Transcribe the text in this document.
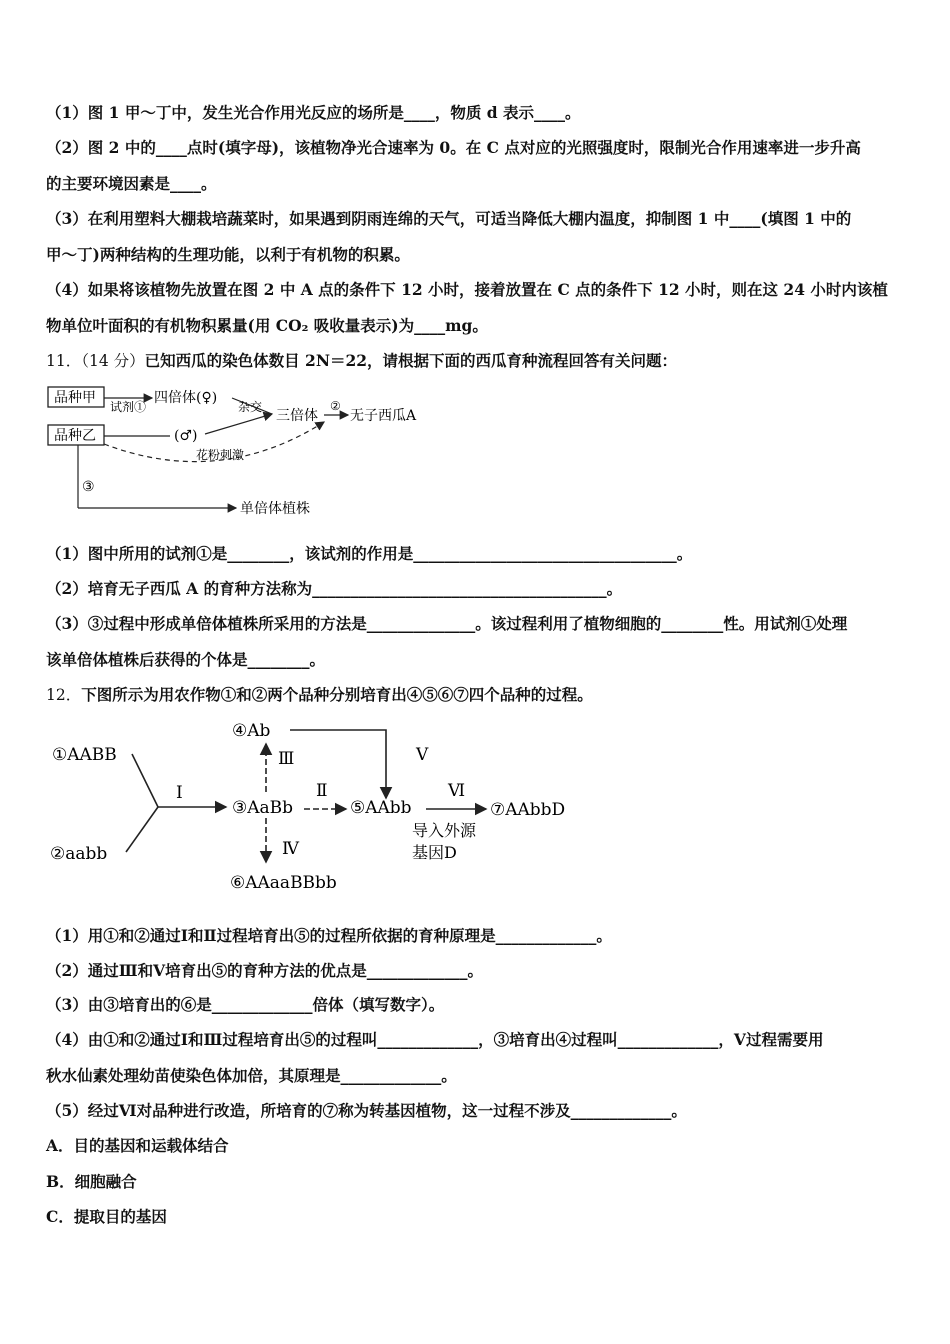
（1）图 1 甲～丁中，发生光合作用光反应的场所是____，物质 d 表示____。
（2）图 2 中的____点时(填字母)，该植物净光合速率为 0。在 C 点对应的光照强度时，限制光合作用速率进一步升高
的主要环境因素是____。
（3）在利用塑料大棚栽培蔬菜时，如果遇到阴雨连绵的天气，可适当降低大棚内温度，抑制图 1 中____(填图 1 中的
甲～丁)两种结构的生理功能，以利于有机物的积累。
（4）如果将该植物先放置在图 2 中 A 点的条件下 12 小时，接着放置在 C 点的条件下 12 小时，则在这 24 小时内该植
物单位叶面积的有机物积累量(用 CO₂ 吸收量表示)为____mg。
11．（14 分）已知西瓜的染色体数目 2N＝22，请根据下面的西瓜育种流程回答有关问题：
品种甲
品种乙
试剂①
四倍体(♀)
(♂)
杂交
三倍体
②
无子西瓜A
花粉刺激
③
单倍体植株
（1）图中所用的试剂①是________，该试剂的作用是__________________________________。
（2）培育无子西瓜 A 的育种方法称为______________________________________。
（3）③过程中形成单倍体植株所采用的方法是______________。该过程利用了植物细胞的________性。用试剂①处理
该单倍体植株后获得的个体是________。
12．下图所示为用农作物①和②两个品种分别培育出④⑤⑥⑦四个品种的过程。
①AABB
②aabb
Ⅰ
③AaBb
Ⅱ
⑤AAbb
Ⅲ
④Ab
Ⅴ
Ⅳ
⑥AAaaBBbb
Ⅵ
⑦AAbbD
导入外源
基因D
（1）用①和②通过Ⅰ和Ⅱ过程培育出⑤的过程所依据的育种原理是_____________。
（2）通过Ⅲ和Ⅴ培育出⑤的育种方法的优点是_____________。
（3）由③培育出的⑥是_____________倍体（填写数字）。
（4）由①和②通过Ⅰ和Ⅲ过程培育出⑤的过程叫_____________，③培育出④过程叫_____________，Ⅴ过程需要用
秋水仙素处理幼苗使染色体加倍，其原理是_____________。
（5）经过Ⅵ对品种进行改造，所培育的⑦称为转基因植物，这一过程不涉及_____________。
A．目的基因和运载体结合
B．细胞融合
C．提取目的基因
